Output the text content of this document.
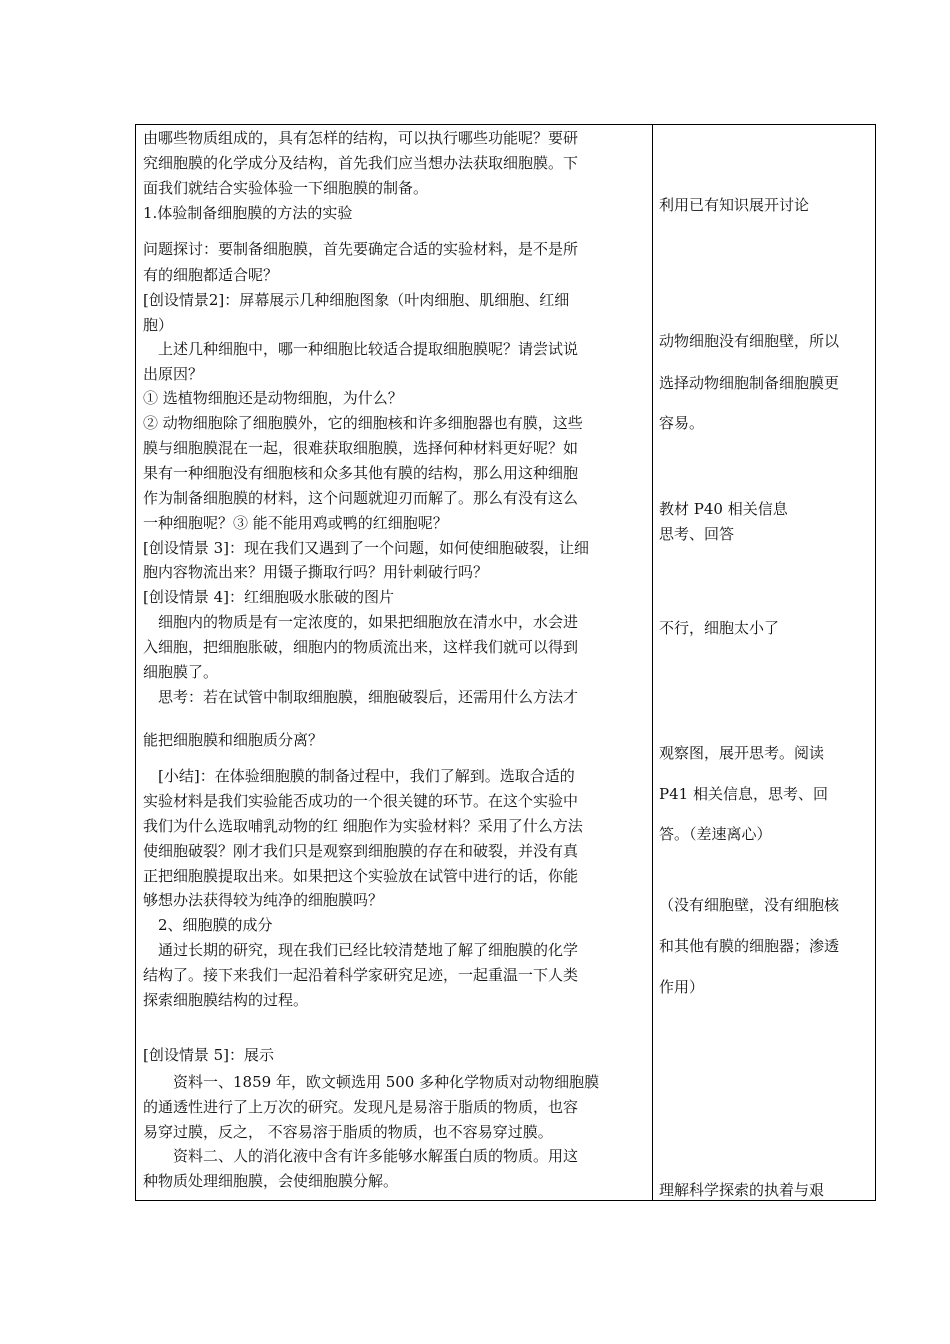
由哪些物质组成的，具有怎样的结构，可以执行哪些功能呢？要研
究细胞膜的化学成分及结构，首先我们应当想办法获取细胞膜。下
面我们就结合实验体验一下细胞膜的制备。
1.体验制备细胞膜的方法的实验
问题探讨：要制备细胞膜，首先要确定合适的实验材料，是不是所
有的细胞都适合呢？
[创设情景2]：屏幕展示几种细胞图象（叶肉细胞、肌细胞、红细
胞）
　上述几种细胞中，哪一种细胞比较适合提取细胞膜呢？请尝试说
出原因？
① 选植物细胞还是动物细胞，为什么？
② 动物细胞除了细胞膜外，它的细胞核和许多细胞器也有膜，这些
膜与细胞膜混在一起，很难获取细胞膜，选择何种材料更好呢？如
果有一种细胞没有细胞核和众多其他有膜的结构，那么用这种细胞
作为制备细胞膜的材料，这个问题就迎刃而解了。那么有没有这么
一种细胞呢？③ 能不能用鸡或鸭的红细胞呢？
[创设情景 3]：现在我们又遇到了一个问题，如何使细胞破裂，让细
胞内容物流出来？用镊子撕取行吗？用针刺破行吗？
[创设情景 4]：红细胞吸水胀破的图片
　细胞内的物质是有一定浓度的，如果把细胞放在清水中，水会进
入细胞，把细胞胀破，细胞内的物质流出来，这样我们就可以得到
细胞膜了。
　思考：若在试管中制取细胞膜，细胞破裂后，还需用什么方法才
能把细胞膜和细胞质分离？
　[小结]：在体验细胞膜的制备过程中，我们了解到。选取合适的
实验材料是我们实验能否成功的一个很关键的环节。在这个实验中
我们为什么选取哺乳动物的红 细胞作为实验材料？采用了什么方法
使细胞破裂？刚才我们只是观察到细胞膜的存在和破裂，并没有真
正把细胞膜提取出来。如果把这个实验放在试管中进行的话，你能
够想办法获得较为纯净的细胞膜吗？
　2、细胞膜的成分
　通过长期的研究，现在我们已经比较清楚地了解了细胞膜的化学
结构了。接下来我们一起沿着科学家研究足迹，一起重温一下人类
探索细胞膜结构的过程。
[创设情景 5]：展示
　　资料一、1859 年，欧文顿选用 500 多种化学物质对动物细胞膜
的通透性进行了上万次的研究。发现凡是易溶于脂质的物质，也容
易穿过膜，反之， 不容易溶于脂质的物质，也不容易穿过膜。
　　资料二、人的消化液中含有许多能够水解蛋白质的物质。用这
种物质处理细胞膜，会使细胞膜分解。
利用已有知识展开讨论
动物细胞没有细胞壁，所以
选择动物细胞制备细胞膜更
容易。
教材 P40 相关信息
思考、回答
不行，细胞太小了
观察图，展开思考。阅读
P41 相关信息，思考、回
答。（差速离心）
（没有细胞壁，没有细胞核
和其他有膜的细胞器；渗透
作用）
理解科学探索的执着与艰
